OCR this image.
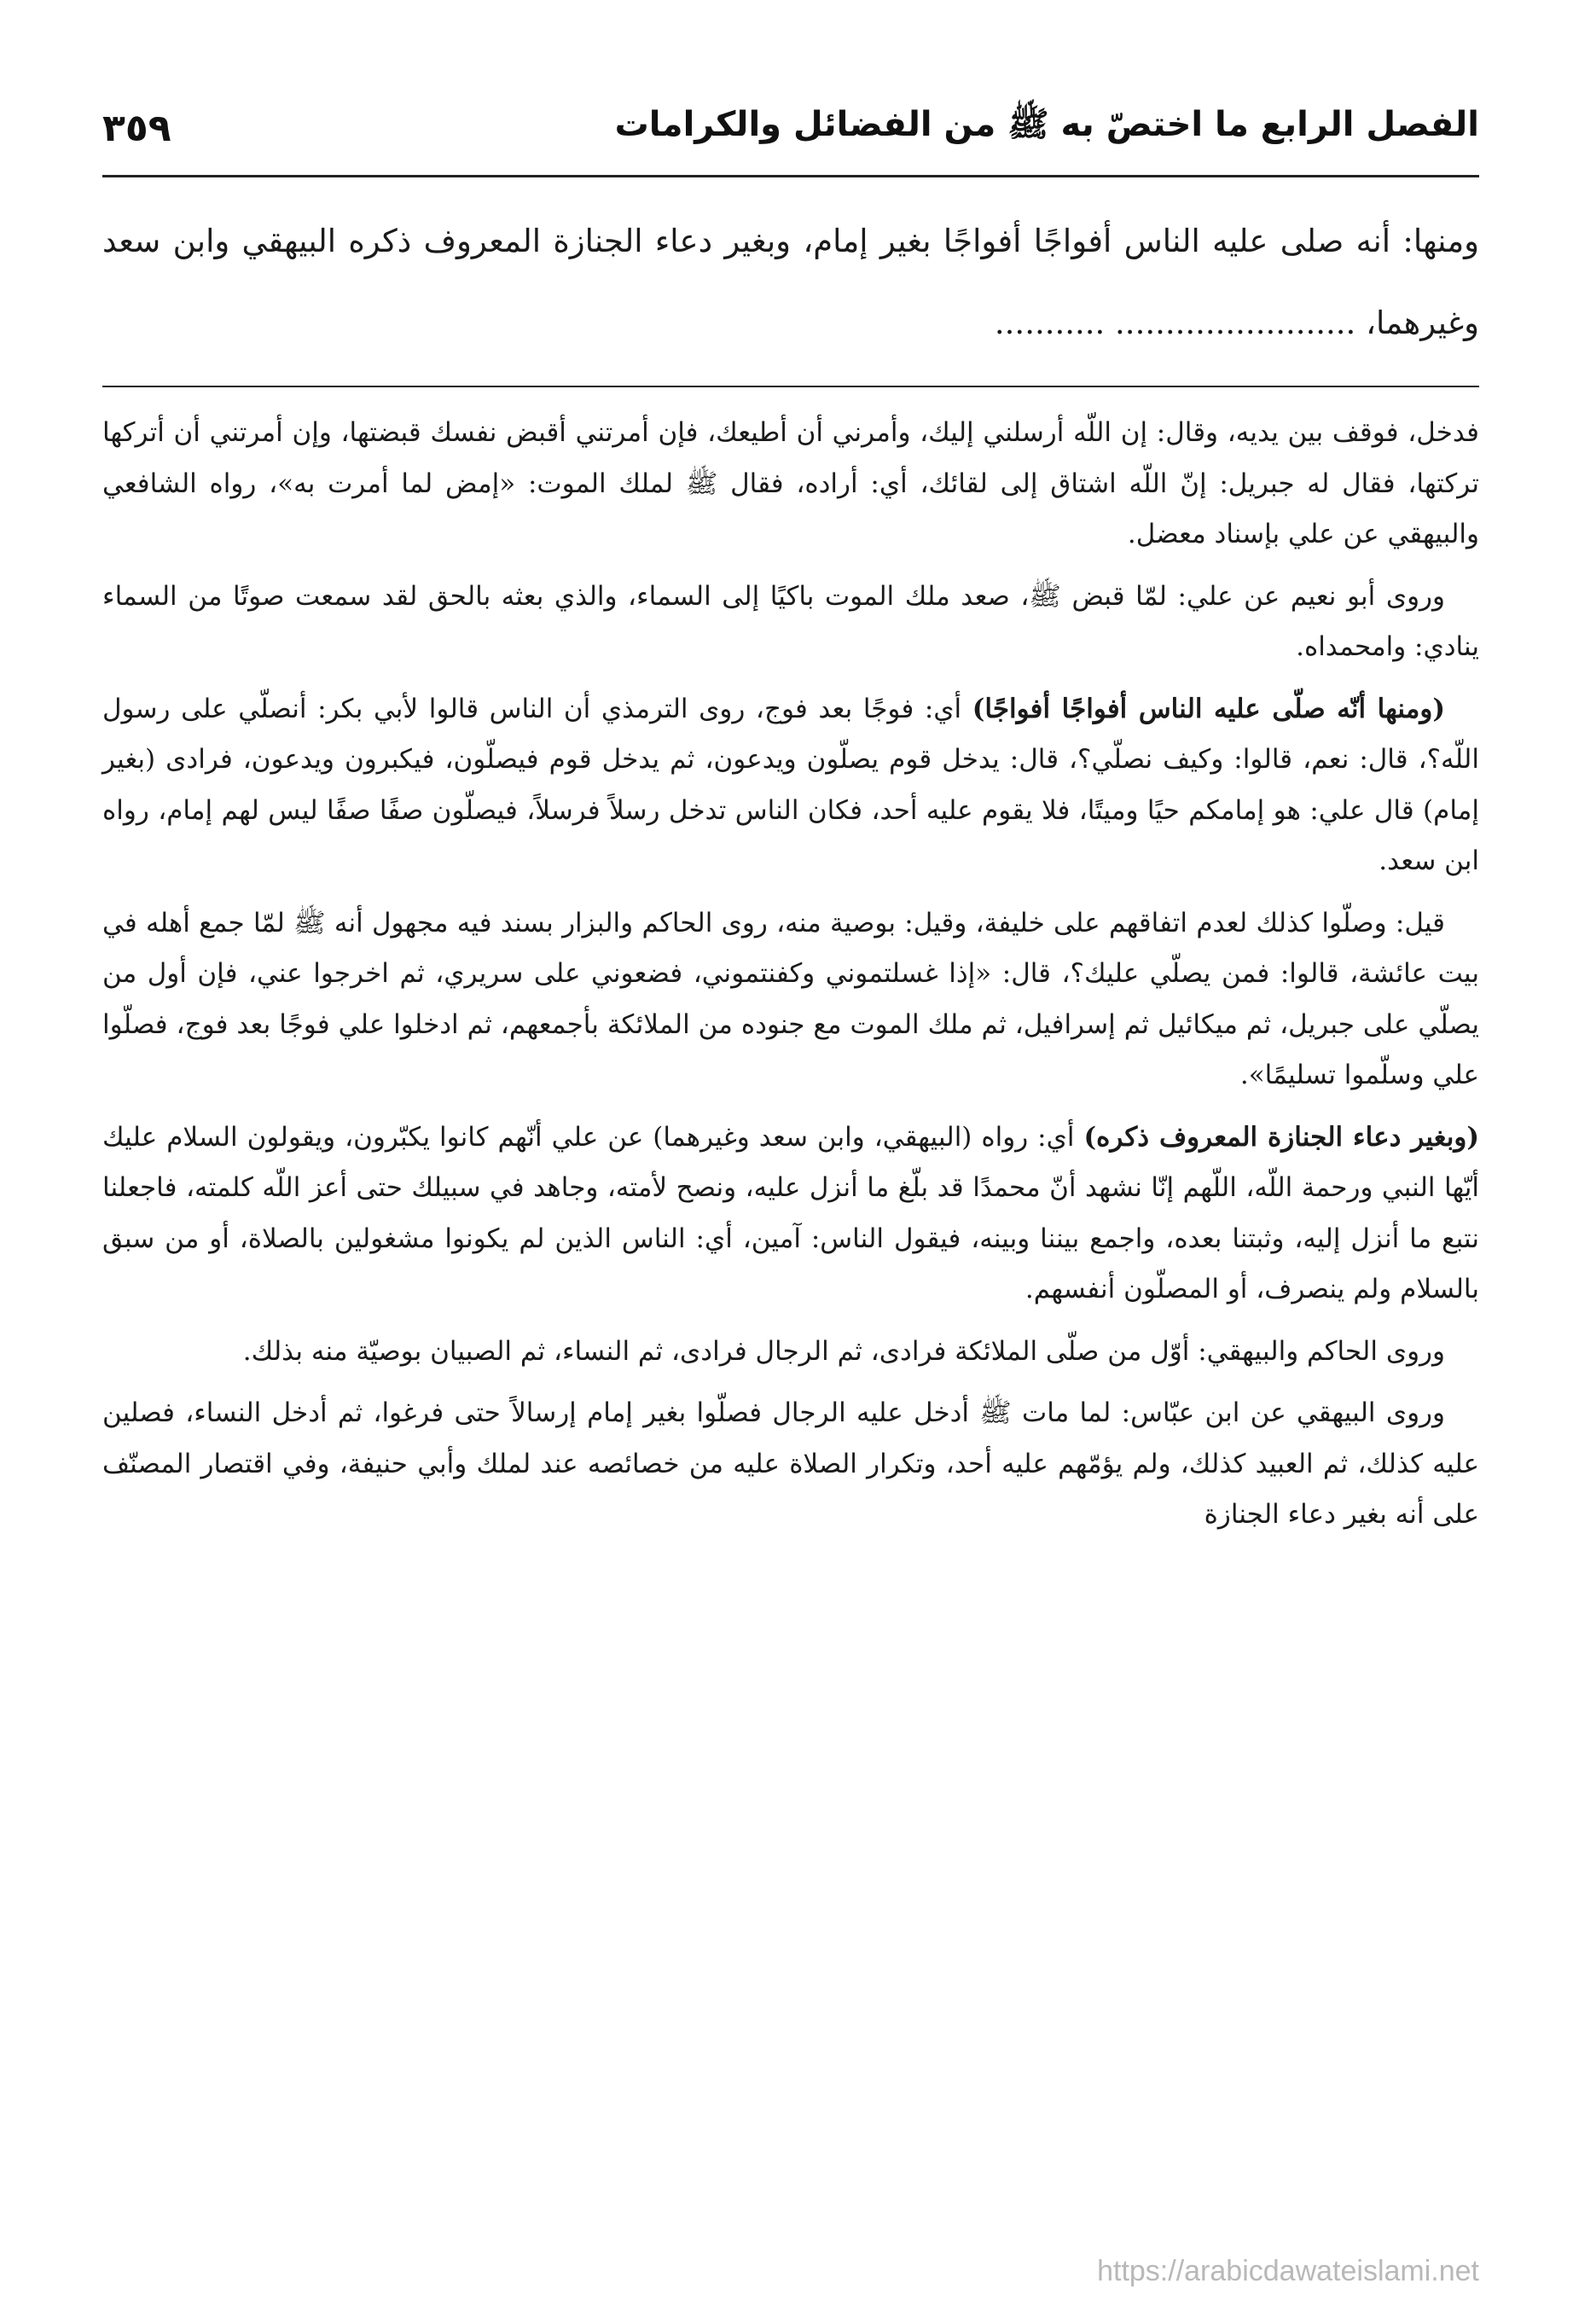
٣٥٩	الفصل الرابع ما اختصّ به ﷺ من الفضائل والكرامات
ومنها: أنه صلى عليه الناس أفواجًا أفواجًا بغير إمام، وبغير دعاء الجنازة المعروف ذكره البيهقي وابن سعد وغيرهما، ........................ ...........

فدخل، فوقف بين يديه، وقال: إن اللّه أرسلني إليك، وأمرني أن أطيعك، فإن أمرتني أقبض نفسك قبضتها، وإن أمرتني أن أتركها تركتها، فقال له جبريل: إنّ اللّه اشتاق إلى لقائك، أي: أراده، فقال ﷺ لملك الموت: «إمض لما أمرت به»، رواه الشافعي والبيهقي عن علي بإسناد معضل.

وروى أبو نعيم عن علي: لمّا قبض ﷺ، صعد ملك الموت باكيًا إلى السماء، والذي بعثه بالحق لقد سمعت صوتًا من السماء ينادي: وامحمداه.

(ومنها أنّه صلّى عليه الناس أفواجًا أفواجًا) أي: فوجًا بعد فوج، روى الترمذي أن الناس قالوا لأبي بكر: أنصلّي على رسول اللّه؟، قال: نعم، قالوا: وكيف نصلّي؟، قال: يدخل قوم يصلّون ويدعون، ثم يدخل قوم فيصلّون، فيكبرون ويدعون، فرادى (بغير إمام) قال علي: هو إمامكم حيًا وميتًا، فلا يقوم عليه أحد، فكان الناس تدخل رسلاً فرسلاً، فيصلّون صفًا صفًا ليس لهم إمام، رواه ابن سعد.

قيل: وصلّوا كذلك لعدم اتفاقهم على خليفة، وقيل: بوصية منه، روى الحاكم والبزار بسند فيه مجهول أنه ﷺ لمّا جمع أهله في بيت عائشة، قالوا: فمن يصلّي عليك؟، قال: «إذا غسلتموني وكفنتموني، فضعوني على سريري، ثم اخرجوا عني، فإن أول من يصلّي على جبريل، ثم ميكائيل ثم إسرافيل، ثم ملك الموت مع جنوده من الملائكة بأجمعهم، ثم ادخلوا علي فوجًا بعد فوج، فصلّوا علي وسلّموا تسليمًا».

(وبغير دعاء الجنازة المعروف ذكره) أي: رواه (البيهقي، وابن سعد وغيرهما) عن علي أنّهم كانوا يكبّرون، ويقولون السلام عليك أيّها النبي ورحمة اللّه، اللّهم إنّا نشهد أنّ محمدًا قد بلّغ ما أنزل عليه، ونصح لأمته، وجاهد في سبيلك حتى أعز اللّه كلمته، فاجعلنا نتبع ما أنزل إليه، وثبتنا بعده، واجمع بيننا وبينه، فيقول الناس: آمين، أي: الناس الذين لم يكونوا مشغولين بالصلاة، أو من سبق بالسلام ولم ينصرف، أو المصلّون أنفسهم.

وروى الحاكم والبيهقي: أوّل من صلّى الملائكة فرادى، ثم الرجال فرادى، ثم النساء، ثم الصبيان بوصيّة منه بذلك.

وروى البيهقي عن ابن عبّاس: لما مات ﷺ أدخل عليه الرجال فصلّوا بغير إمام إرسالاً حتى فرغوا، ثم أدخل النساء، فصلين عليه كذلك، ثم العبيد كذلك، ولم يؤمّهم عليه أحد، وتكرار الصلاة عليه من خصائصه عند لملك وأبي حنيفة، وفي اقتصار المصنّف على أنه بغير دعاء الجنازة

https://arabicdawateislami.net
